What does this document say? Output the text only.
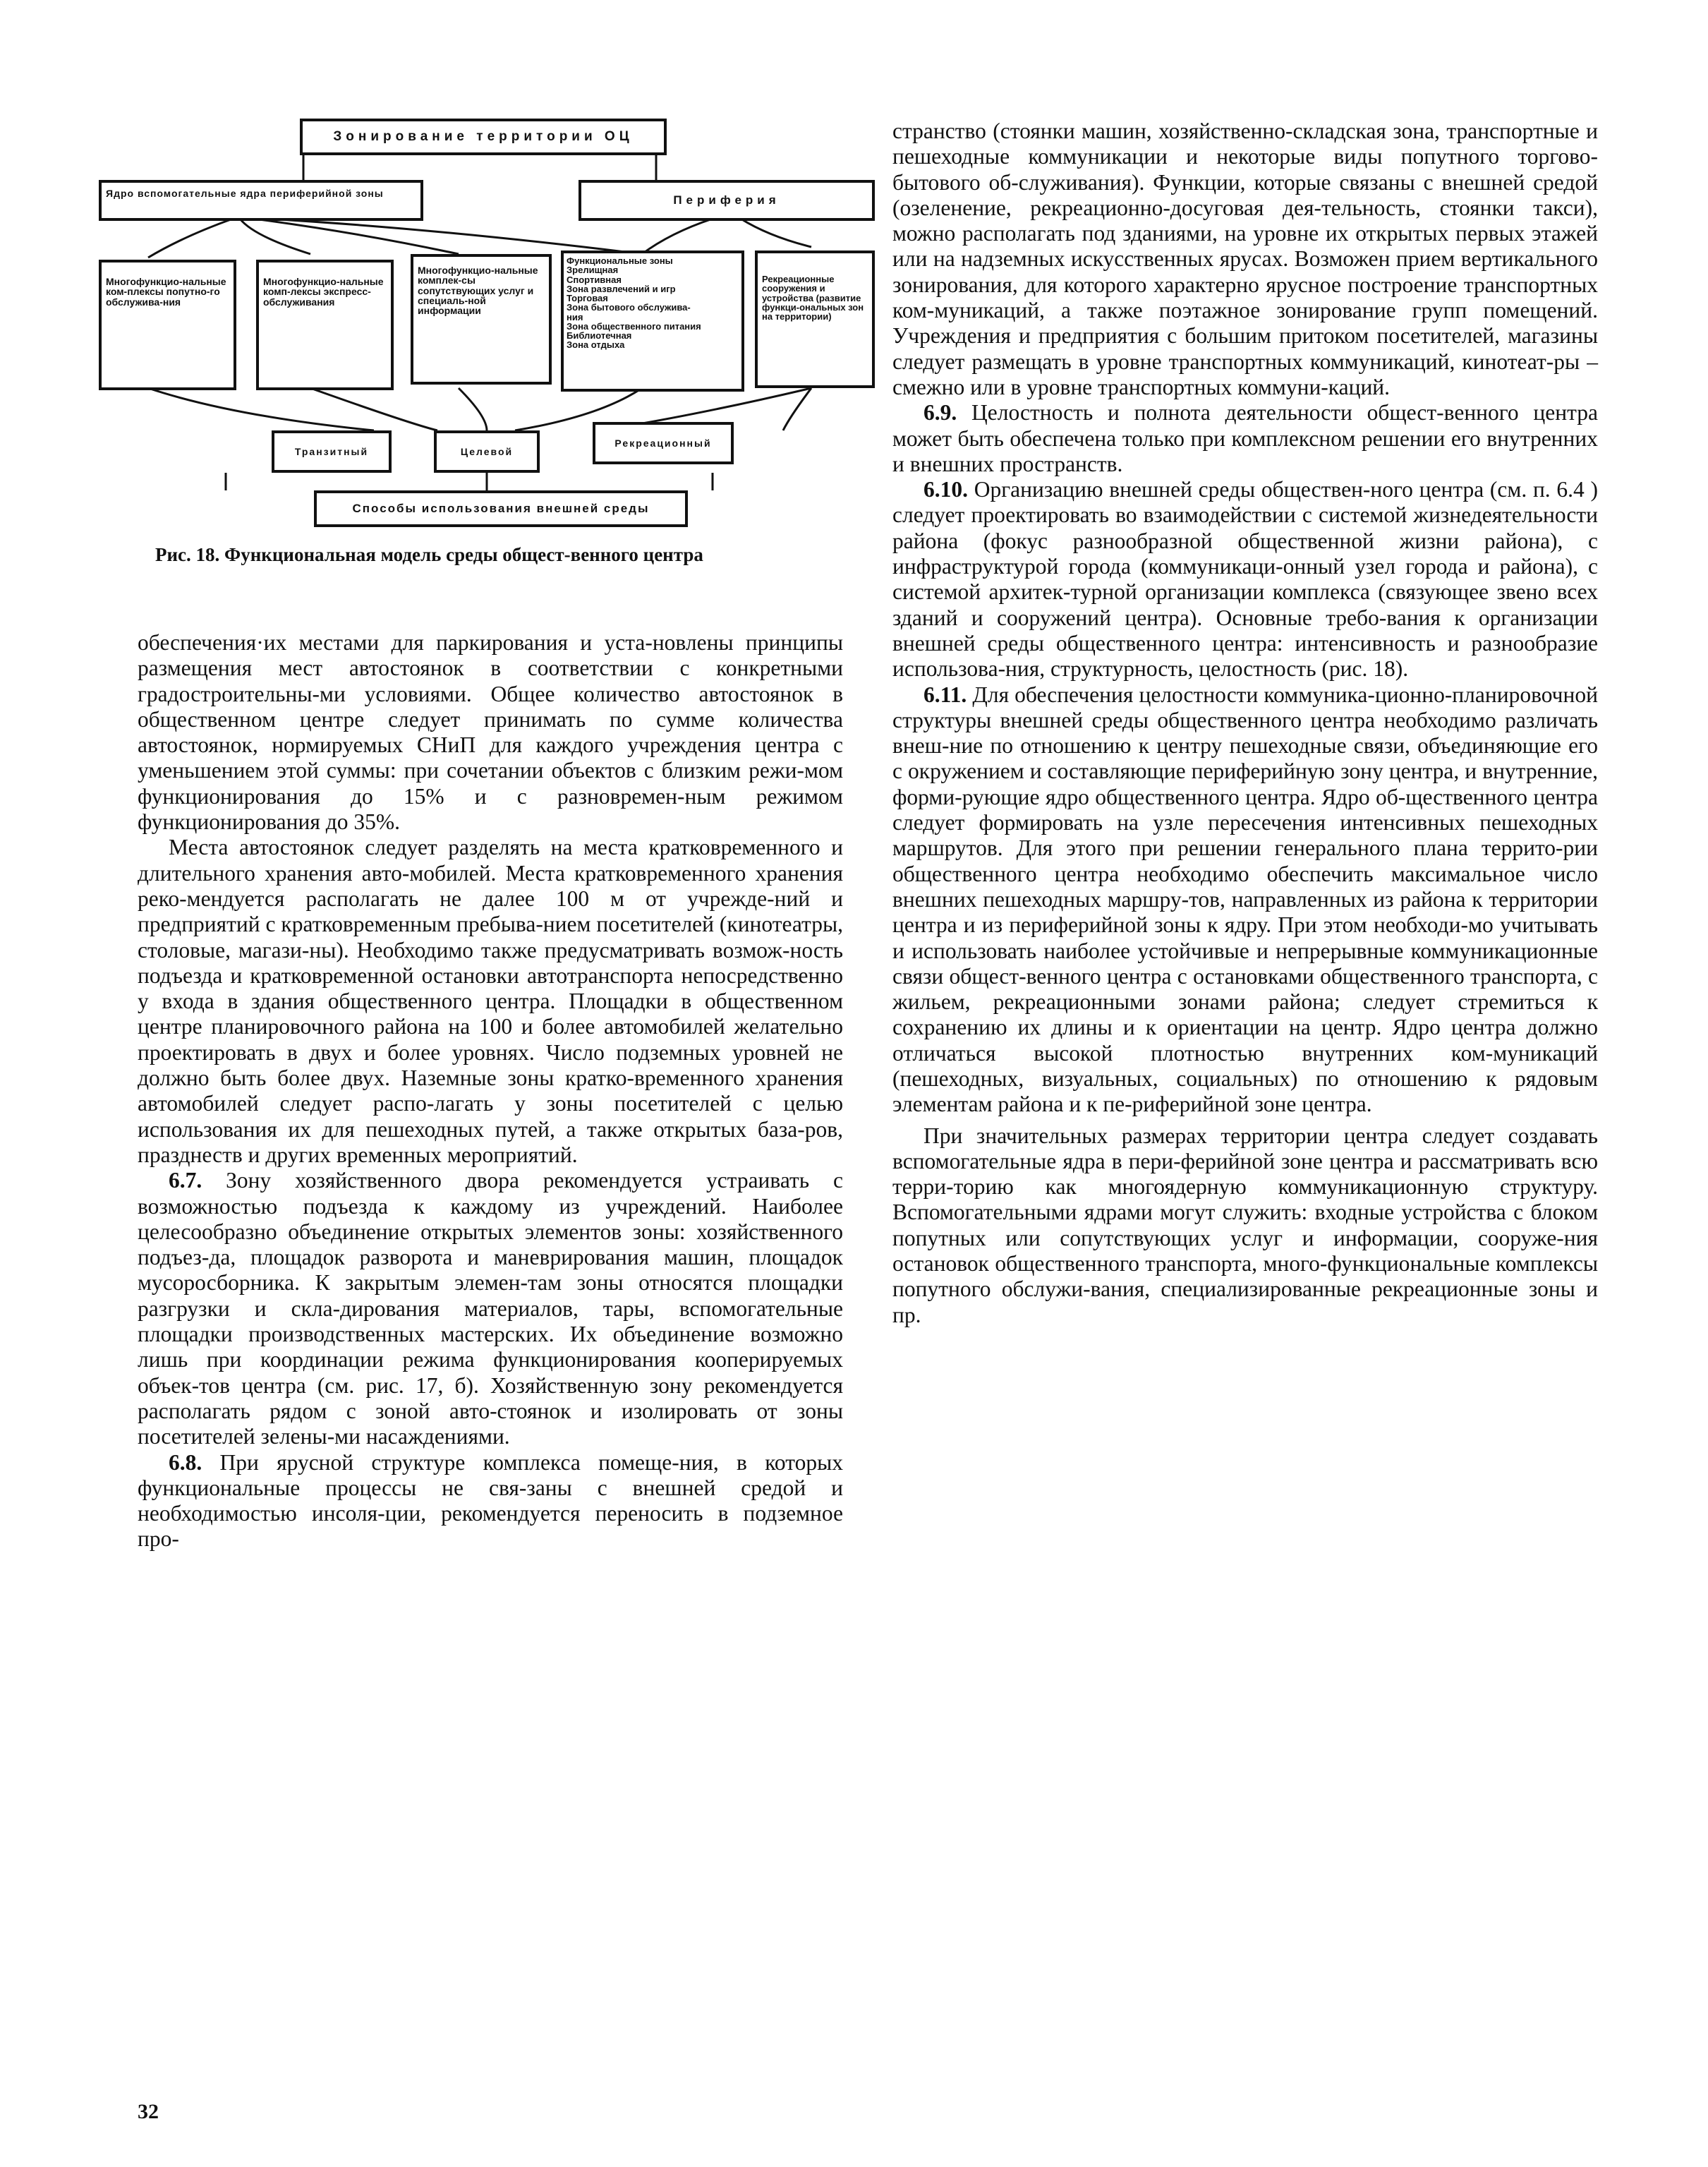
Зонирование территории ОЦ
Ядро вспомогательные ядра периферийной зоны
Периферия
Многофункцио-нальные ком-плексы попутно-го обслужива-ния
Многофункцио-нальные комп-лексы экспресс-обслуживания
Многофункцио-нальные комплек-сы сопутствующих услуг и специаль-ной информации
Функциональные зоны
Зрелищная
Спортивная
Зона развлечений и игр
Торговая
Зона бытового обслужива-
ния
Зона общественного питания
Библиотечная
Зона отдыха
Рекреационные сооружения и устройства (развитие функци-ональных зон на территории)
Транзитный	Целевой
Рекреационный
Способы использования внешней среды
Рис. 18. Функциональная модель среды общест-венного центра

обеспечения·их местами для паркирования и уста-новлены принципы размещения мест автостоянок в соответствии с конкретными градостроительны-ми условиями. Общее количество автостоянок в общественном центре следует принимать по сумме количества автостоянок, нормируемых СНиП для каждого учреждения центра с уменьшением этой суммы: при сочетании объектов с близким режи-мом функционирования до 15% и с разновремен-ным режимом функционирования до 35%.

Места автостоянок следует разделять на места кратковременного и длительного хранения авто-мобилей. Места кратковременного хранения реко-мендуется располагать не далее 100 м от учрежде-ний и предприятий с кратковременным пребыва-нием посетителей (кинотеатры, столовые, магази-ны). Необходимо также предусматривать возмож-ность подъезда и кратковременной остановки автотранспорта непосредственно у входа в здания общественного центра. Площадки в общественном центре планировочного района на 100 и более автомобилей желательно проектировать в двух и более уровнях. Число подземных уровней не должно быть более двух. Наземные зоны кратко-временного хранения автомобилей следует распо-лагать у зоны посетителей с целью использования их для пешеходных путей, а также открытых база-ров, празднеств и других временных мероприятий.

6.7. Зону хозяйственного двора рекомендуется устраивать с возможностью подъезда к каждому из учреждений. Наиболее целесообразно объединение открытых элементов зоны: хозяйственного подъез-да, площадок разворота и маневрирования машин, площадок мусоросборника. К закрытым элемен-там зоны относятся площадки разгрузки и скла-дирования материалов, тары, вспомогательные площадки производственных мастерских. Их объединение возможно лишь при координации режима функционирования кооперируемых объек-тов центра (см. рис. 17, б). Хозяйственную зону рекомендуется располагать рядом с зоной авто-стоянок и изолировать от зоны посетителей зелены-ми насаждениями.

6.8. При ярусной структуре комплекса помеще-ния, в которых функциональные процессы не свя-заны с внешней средой и необходимостью инсоля-ции, рекомендуется переносить в подземное про-

странство (стоянки машин, хозяйственно-складская зона, транспортные и пешеходные коммуникации и некоторые виды попутного торгово-бытового об-служивания). Функции, которые связаны с внешней средой (озеленение, рекреационно-досуговая дея-тельность, стоянки такси), можно располагать под зданиями, на уровне их открытых первых этажей или на надземных искусственных ярусах. Возможен прием вертикального зонирования, для которого характерно ярусное построение транспортных ком-муникаций, а также поэтажное зонирование групп помещений. Учреждения и предприятия с большим притоком посетителей, магазины следует размещать в уровне транспортных коммуникаций, кинотеат-ры – смежно или в уровне транспортных коммуни-каций.

6.9. Целостность и полнота деятельности общест-венного центра может быть обеспечена только при комплексном решении его внутренних и внешних пространств.

6.10. Организацию внешней среды обществен-ного центра (см. п. 6.4 ) следует проектировать во взаимодействии с системой жизнедеятельности района (фокус разнообразной общественной жизни района), с инфраструктурой города (коммуникаци-онный узел города и района), с системой архитек-турной организации комплекса (связующее звено всех зданий и сооружений центра). Основные требо-вания к организации внешней среды общественного центра: интенсивность и разнообразие использова-ния, структурность, целостность (рис. 18).

6.11. Для обеспечения целостности коммуника-ционно-планировочной структуры внешней среды общественного центра необходимо различать внеш-ние по отношению к центру пешеходные связи, объединяющие его с окружением и составляющие периферийную зону центра, и внутренние, форми-рующие ядро общественного центра. Ядро об-щественного центра следует формировать на узле пересечения интенсивных пешеходных маршрутов. Для этого при решении генерального плана террито-рии общественного центра необходимо обеспечить максимальное число внешних пешеходных маршру-тов, направленных из района к территории центра и из периферийной зоны к ядру. При этом необходи-мо учитывать и использовать наиболее устойчивые и непрерывные коммуникационные связи общест-венного центра с остановками общественного транспорта, с жильем, рекреационными зонами района; следует стремиться к сохранению их длины и к ориентации на центр. Ядро центра должно отличаться высокой плотностью внутренних ком-муникаций (пешеходных, визуальных, социальных) по отношению к рядовым элементам района и к пе-риферийной зоне центра.

При значительных размерах территории центра следует создавать вспомогательные ядра в пери-ферийной зоне центра и рассматривать всю терри-торию как многоядерную коммуникационную структуру. Вспомогательными ядрами могут служить: входные устройства с блоком попутных или сопутствующих услуг и информации, сооруже-ния остановок общественного транспорта, много-функциональные комплексы попутного обслужи-вания, специализированные рекреационные зоны и пр.

32
